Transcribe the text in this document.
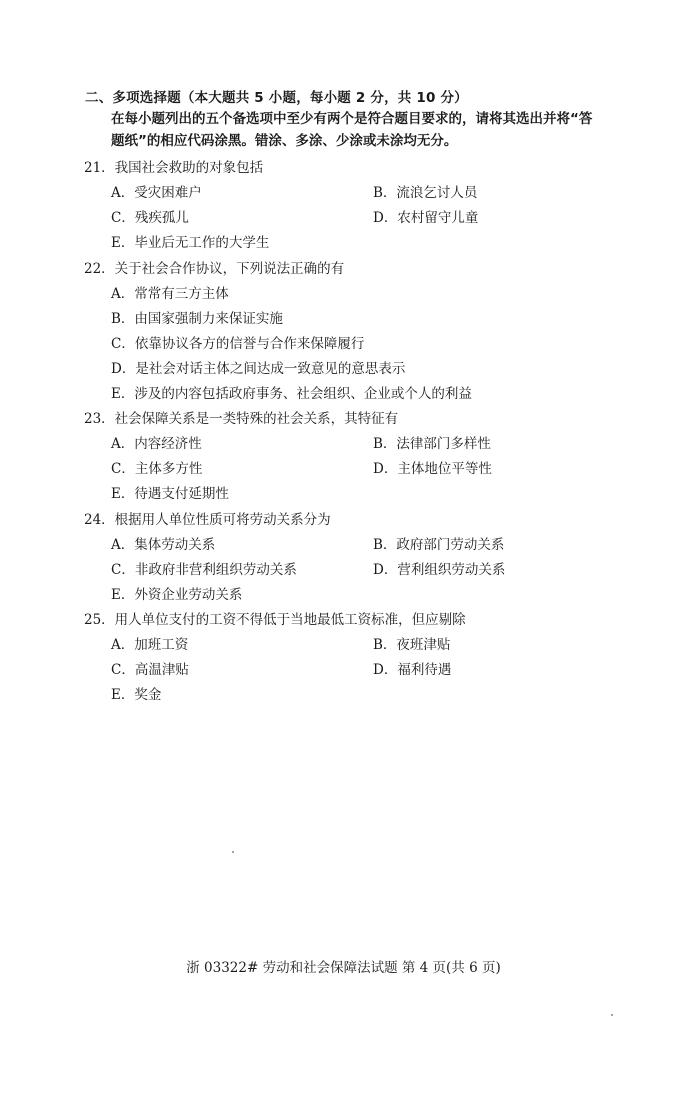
二、多项选择题（本大题共 5 小题，每小题 2 分，共 10 分）
在每小题列出的五个备选项中至少有两个是符合题目要求的，请将其选出并将“答
题纸”的相应代码涂黑。错涂、多涂、少涂或未涂均无分。
21．我国社会救助的对象包括
A．受灾困难户	B．流浪乞讨人员
C．残疾孤儿	D．农村留守儿童
E．毕业后无工作的大学生
22．关于社会合作协议，下列说法正确的有
A．常常有三方主体
B．由国家强制力来保证实施
C．依靠协议各方的信誉与合作来保障履行
D．是社会对话主体之间达成一致意见的意思表示
E．涉及的内容包括政府事务、社会组织、企业或个人的利益
23．社会保障关系是一类特殊的社会关系，其特征有
A．内容经济性	B．法律部门多样性
C．主体多方性	D．主体地位平等性
E．待遇支付延期性
24．根据用人单位性质可将劳动关系分为
A．集体劳动关系	B．政府部门劳动关系
C．非政府非营利组织劳动关系	D．营利组织劳动关系
E．外资企业劳动关系
25．用人单位支付的工资不得低于当地最低工资标准，但应剔除
A．加班工资	B．夜班津贴
C．高温津贴	D．福利待遇
E．奖金
浙 03322# 劳动和社会保障法试题 第 4 页(共 6 页)
